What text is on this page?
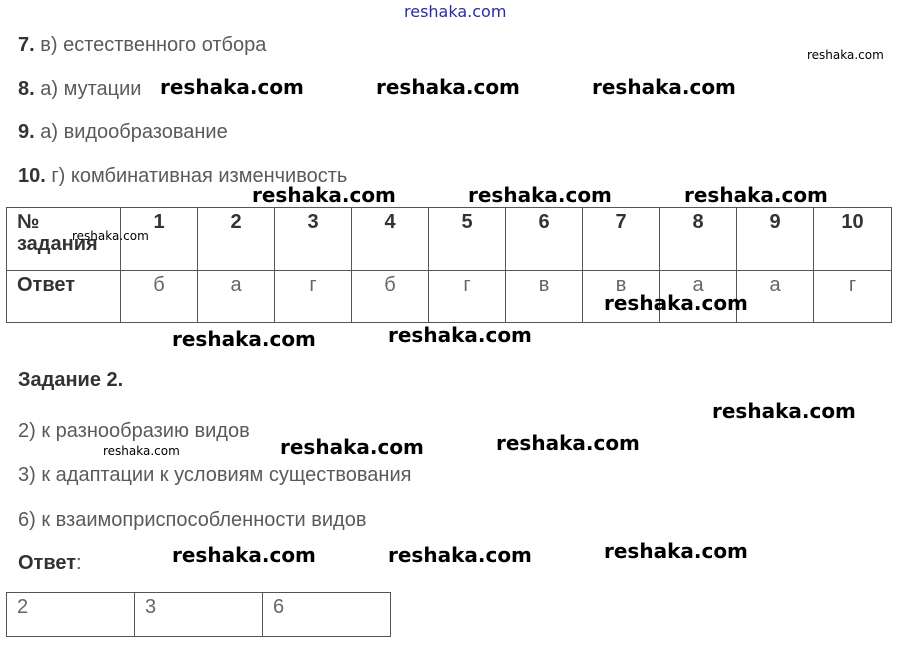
reshaka.com
7. в) естественного отбора
8. а) мутации
9. а) видообразование
10. г) комбинативная изменчивость
№
задания	1	2	3	4	5	6	7	8	9	10
Ответ	б	а	г	б	г	в	в	а	а	г
Задание 2.
2) к разнообразию видов
3) к адаптации к условиям существования
6) к взаимоприспособленности видов
Ответ:
2	3	6
reshaka.com
reshaka.com	reshaka.com	reshaka.com
reshaka.com	reshaka.com	reshaka.com
reshaka.com
reshaka.com
reshaka.com	reshaka.com
reshaka.com
reshaka.com
reshaka.com
reshaka.com
reshaka.com	reshaka.com	reshaka.com
